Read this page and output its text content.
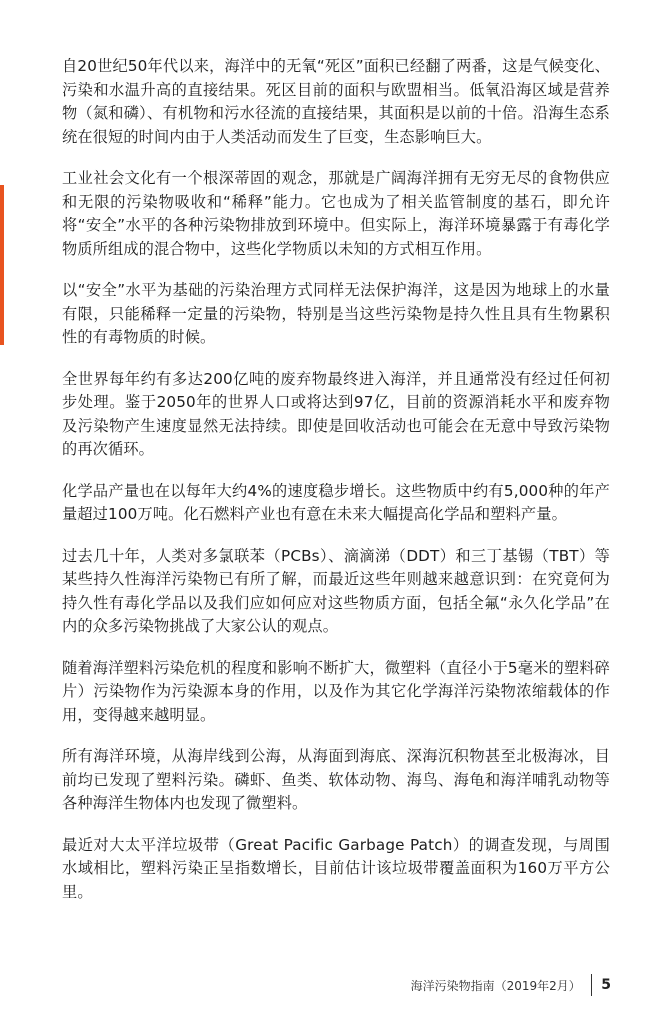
自20世纪50年代以来，海洋中的无氧“死区”面积已经翻了两番，这是气候变化、污染和水温升高的直接结果。死区目前的面积与欧盟相当。低氧沿海区域是营养物（氮和磷）、有机物和污水径流的直接结果，其面积是以前的十倍。沿海生态系统在很短的时间内由于人类活动而发生了巨变，生态影响巨大。

工业社会文化有一个根深蒂固的观念，那就是广阔海洋拥有无穷无尽的食物供应和无限的污染物吸收和“稀释”能力。它也成为了相关监管制度的基石，即允许将“安全”水平的各种污染物排放到环境中。但实际上，海洋环境暴露于有毒化学物质所组成的混合物中，这些化学物质以未知的方式相互作用。

以“安全”水平为基础的污染治理方式同样无法保护海洋，这是因为地球上的水量有限，只能稀释一定量的污染物，特别是当这些污染物是持久性且具有生物累积性的有毒物质的时候。

全世界每年约有多达200亿吨的废弃物最终进入海洋，并且通常没有经过任何初步处理。鉴于2050年的世界人口或将达到97亿，目前的资源消耗水平和废弃物及污染物产生速度显然无法持续。即使是回收活动也可能会在无意中导致污染物的再次循环。

化学品产量也在以每年大约4%的速度稳步增长。这些物质中约有5,000种的年产量超过100万吨。化石燃料产业也有意在未来大幅提高化学品和塑料产量。

过去几十年，人类对多氯联苯（PCBs）、滴滴涕（DDT）和三丁基锡（TBT）等某些持久性海洋污染物已有所了解，而最近这些年则越来越意识到：在究竟何为持久性有毒化学品以及我们应如何应对这些物质方面，包括全氟“永久化学品”在内的众多污染物挑战了大家公认的观点。

随着海洋塑料污染危机的程度和影响不断扩大，微塑料（直径小于5毫米的塑料碎片）污染物作为污染源本身的作用，以及作为其它化学海洋污染物浓缩载体的作用，变得越来越明显。

所有海洋环境，从海岸线到公海，从海面到海底、深海沉积物甚至北极海冰，目前均已发现了塑料污染。磷虾、鱼类、软体动物、海鸟、海龟和海洋哺乳动物等各种海洋生物体内也发现了微塑料。

最近对大太平洋垃圾带（Great Pacific Garbage Patch）的调查发现，与周围水域相比，塑料污染正呈指数增长，目前估计该垃圾带覆盖面积为160万平方公里。

海洋污染物指南（2019年2月） 5
